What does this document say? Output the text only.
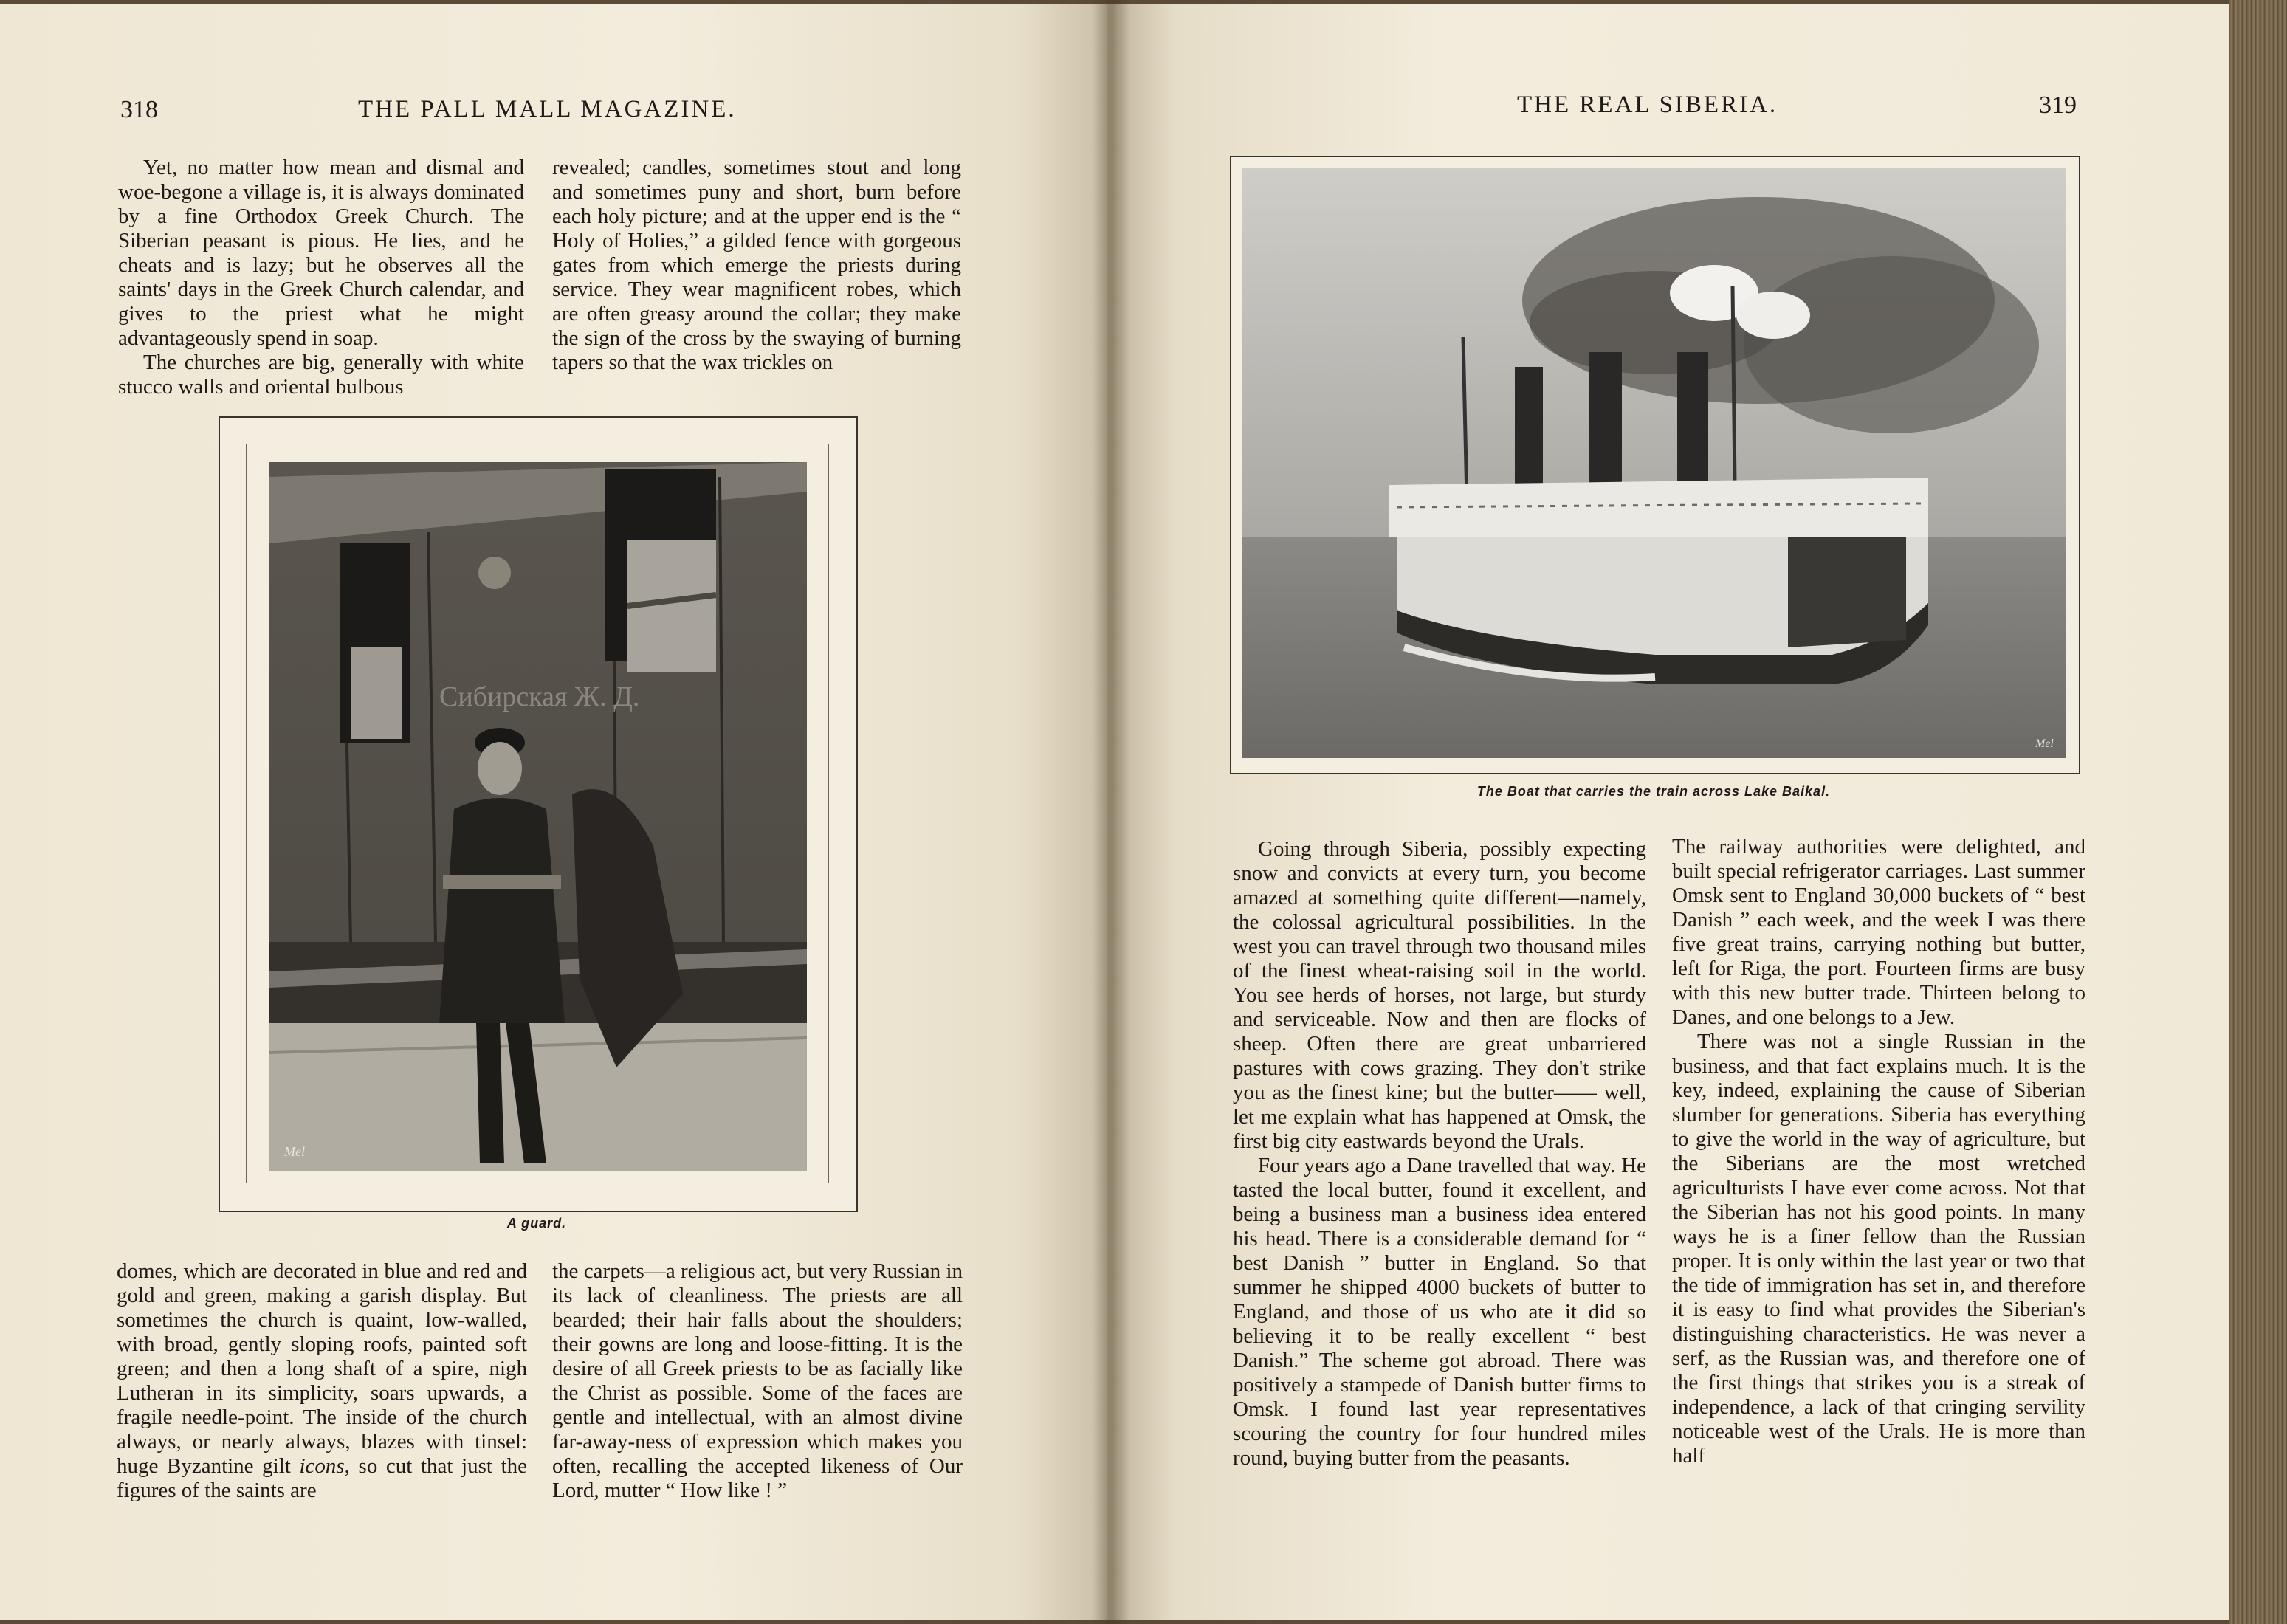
318	THE PALL MALL MAGAZINE.

Yet, no matter how mean and dismal and woe-begone a village is, it is always dominated by a fine Orthodox Greek Church. The Siberian peasant is pious. He lies, and he cheats and is lazy; but he observes all the saints' days in the Greek Church calendar, and gives to the priest what he might advantageously spend in soap.

The churches are big, generally with white stucco walls and oriental bulbous

revealed; candles, sometimes stout and long and sometimes puny and short, burn before each holy picture; and at the upper end is the “ Holy of Holies,” a gilded fence with gorgeous gates from which emerge the priests during service. They wear magnificent robes, which are often greasy around the collar; they make the sign of the cross by the swaying of burning tapers so that the wax trickles on

Сибирская Ж. Д.
Mel
A guard.

domes, which are decorated in blue and red and gold and green, making a garish display. But sometimes the church is quaint, low-walled, with broad, gently sloping roofs, painted soft green; and then a long shaft of a spire, nigh Lutheran in its simplicity, soars upwards, a fragile needle-point. The inside of the church always, or nearly always, blazes with tinsel: huge Byzantine gilt icons, so cut that just the figures of the saints are

the carpets—a religious act, but very Russian in its lack of cleanliness. The priests are all bearded; their hair falls about the shoulders; their gowns are long and loose-fitting. It is the desire of all Greek priests to be as facially like the Christ as possible. Some of the faces are gentle and intellectual, with an almost divine far-away-ness of expression which makes you often, recalling the accepted likeness of Our Lord, mutter “ How like ! ”

THE REAL SIBERIA.	319
Mel
The Boat that carries the train across Lake Baikal.

Going through Siberia, possibly expecting snow and convicts at every turn, you become amazed at something quite different—namely, the colossal agricultural possibilities. In the west you can travel through two thousand miles of the finest wheat-raising soil in the world. You see herds of horses, not large, but sturdy and serviceable. Now and then are flocks of sheep. Often there are great unbarriered pastures with cows grazing. They don't strike you as the finest kine; but the butter—— well, let me explain what has happened at Omsk, the first big city eastwards beyond the Urals.

Four years ago a Dane travelled that way. He tasted the local butter, found it excellent, and being a business man a business idea entered his head. There is a considerable demand for “ best Danish ” butter in England. So that summer he shipped 4000 buckets of butter to England, and those of us who ate it did so believing it to be really excellent “ best Danish.” The scheme got abroad. There was positively a stampede of Danish butter firms to Omsk. I found last year representatives scouring the country for four hundred miles round, buying butter from the peasants.

The railway authorities were delighted, and built special refrigerator carriages. Last summer Omsk sent to England 30,000 buckets of “ best Danish ” each week, and the week I was there five great trains, carrying nothing but butter, left for Riga, the port. Fourteen firms are busy with this new butter trade. Thirteen belong to Danes, and one belongs to a Jew.

There was not a single Russian in the business, and that fact explains much. It is the key, indeed, explaining the cause of Siberian slumber for generations. Siberia has everything to give the world in the way of agriculture, but the Siberians are the most wretched agriculturists I have ever come across. Not that the Siberian has not his good points. In many ways he is a finer fellow than the Russian proper. It is only within the last year or two that the tide of immigration has set in, and therefore it is easy to find what provides the Siberian's distinguishing characteristics. He was never a serf, as the Russian was, and therefore one of the first things that strikes you is a streak of independence, a lack of that cringing servility noticeable west of the Urals. He is more than half
